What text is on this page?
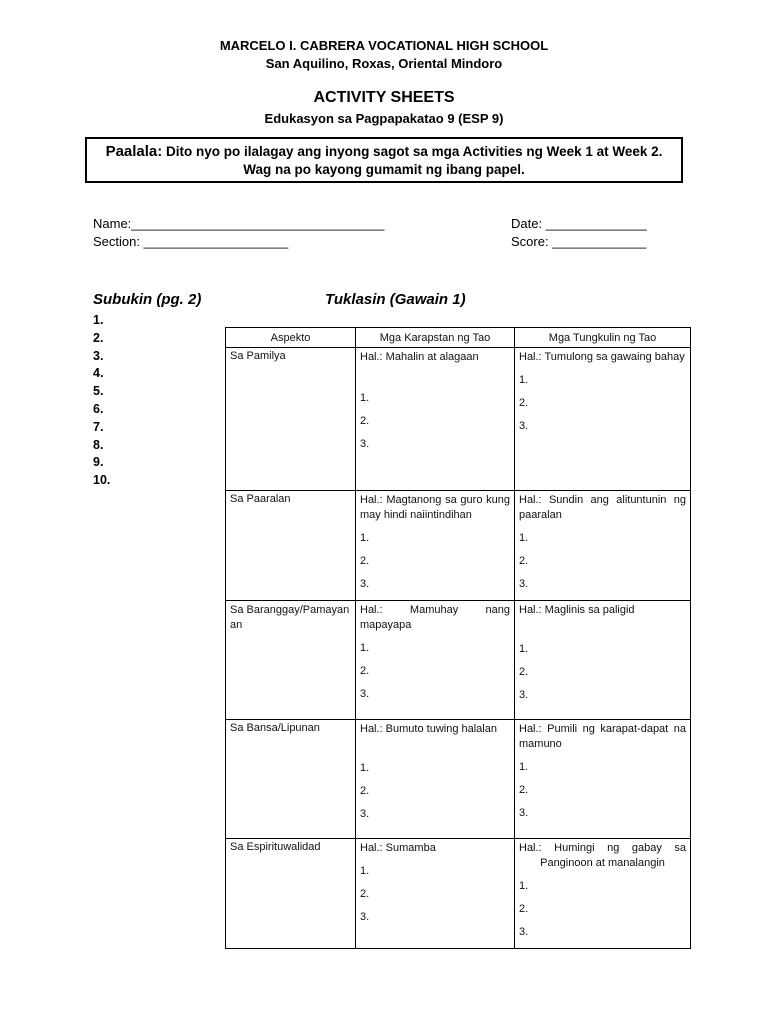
MARCELO I. CABRERA VOCATIONAL HIGH SCHOOL
San Aquilino, Roxas, Oriental Mindoro
ACTIVITY SHEETS
Edukasyon sa Pagpapakatao 9 (ESP 9)
Paalala: Dito nyo po ilalagay ang inyong sagot sa mga Activities ng Week 1 at Week 2.
Wag na po kayong gumamit ng ibang papel.
Name:___________________________________
Section: ____________________
Date: ______________
Score: _____________
Subukin (pg. 2)	Tuklasin (Gawain 1)
1.
2.
3.
4.
5.
6.
7.
8.
9.
10.
Aspekto	Mga Karapstan ng Tao	Mga Tungkulin ng Tao
Sa Pamilya	Hal.: Mahalin at alagaan
1.
2.
3.	Hal.: Tumulong sa gawaing bahay
1.
2.
3.

Sa Paaralan	Hal.: Magtanong sa guro kung may hindi naiintindihan
1.
2.
3.	Hal.: Sundin ang alituntunin ng paaralan
1.
2.
3.

Sa Baranggay/Pamayanan	Hal.: Mamuhay nang mapayapa
1.
2.
3.	Hal.: Maglinis sa paligid
1.
2.
3.

Sa Bansa/Lipunan	Hal.: Bumuto tuwing halalan
1.
2.
3.	Hal.: Pumili ng karapat-dapat na mamuno
1.
2.
3.

Sa Espirituwalidad	Hal.: Sumamba
1.
2.
3.	Hal.: Humingi ng gabay sa Panginoon at manalangin
1.
2.
3.
